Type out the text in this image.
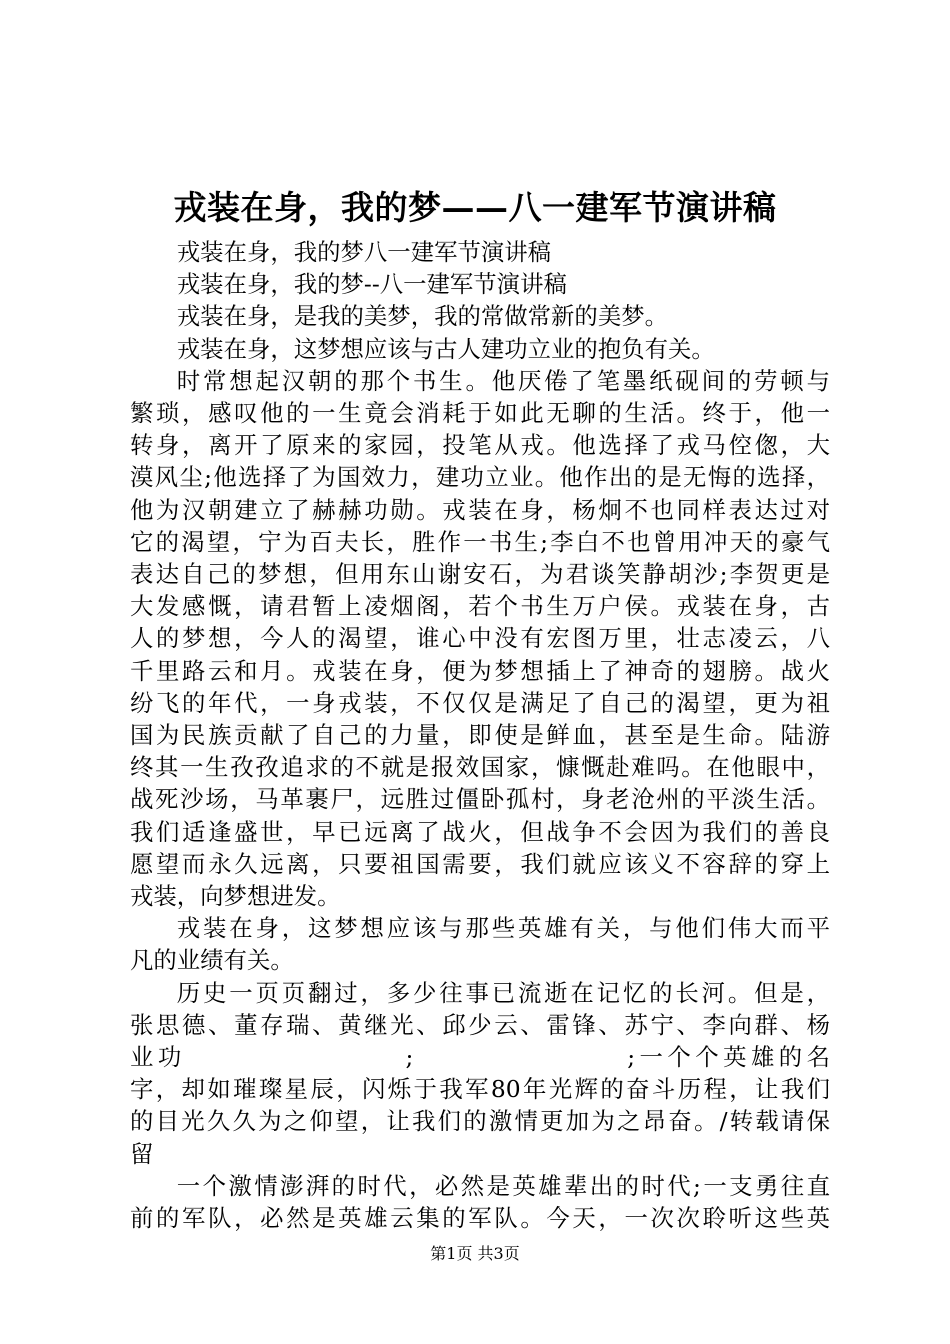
戎装在身，我的梦——八一建军节演讲稿

戎装在身，我的梦八一建军节演讲稿

戎装在身，我的梦--八一建军节演讲稿

戎装在身，是我的美梦，我的常做常新的美梦。

戎装在身，这梦想应该与古人建功立业的抱负有关。

时常想起汉朝的那个书生。他厌倦了笔墨纸砚间的劳顿与
繁琐，感叹他的一生竟会消耗于如此无聊的生活。终于，他一
转身，离开了原来的家园，投笔从戎。他选择了戎马倥偬，大
漠风尘;他选择了为国效力，建功立业。他作出的是无悔的选择，
他为汉朝建立了赫赫功勋。戎装在身，杨炯不也同样表达过对
它的渴望，宁为百夫长，胜作一书生;李白不也曾用冲天的豪气
表达自己的梦想，但用东山谢安石，为君谈笑静胡沙;李贺更是
大发感慨，请君暂上凌烟阁，若个书生万户侯。戎装在身，古
人的梦想，今人的渴望，谁心中没有宏图万里，壮志凌云，八
千里路云和月。戎装在身，便为梦想插上了神奇的翅膀。战火
纷飞的年代，一身戎装，不仅仅是满足了自己的渴望，更为祖
国为民族贡献了自己的力量，即使是鲜血，甚至是生命。陆游
终其一生孜孜追求的不就是报效国家，慷慨赴难吗。在他眼中，
战死沙场，马革裹尸，远胜过僵卧孤村，身老沧州的平淡生活。
我们适逢盛世，早已远离了战火，但战争不会因为我们的善良
愿望而永久远离，只要祖国需要，我们就应该义不容辞的穿上
戎装，向梦想进发。
戎装在身，这梦想应该与那些英雄有关，与他们伟大而平
凡的业绩有关。
历史一页页翻过，多少往事已流逝在记忆的长河。但是，
张思德、董存瑞、黄继光、邱少云、雷锋、苏宁、李向群、杨
业功	;	;一个个英雄的名
字，却如璀璨星辰，闪烁于我军80年光辉的奋斗历程，让我们
的目光久久为之仰望，让我们的激情更加为之昂奋。/转载请保
留
一个激情澎湃的时代，必然是英雄辈出的时代;一支勇往直
前的军队，必然是英雄云集的军队。今天，一次次聆听这些英
第1页 共3页
